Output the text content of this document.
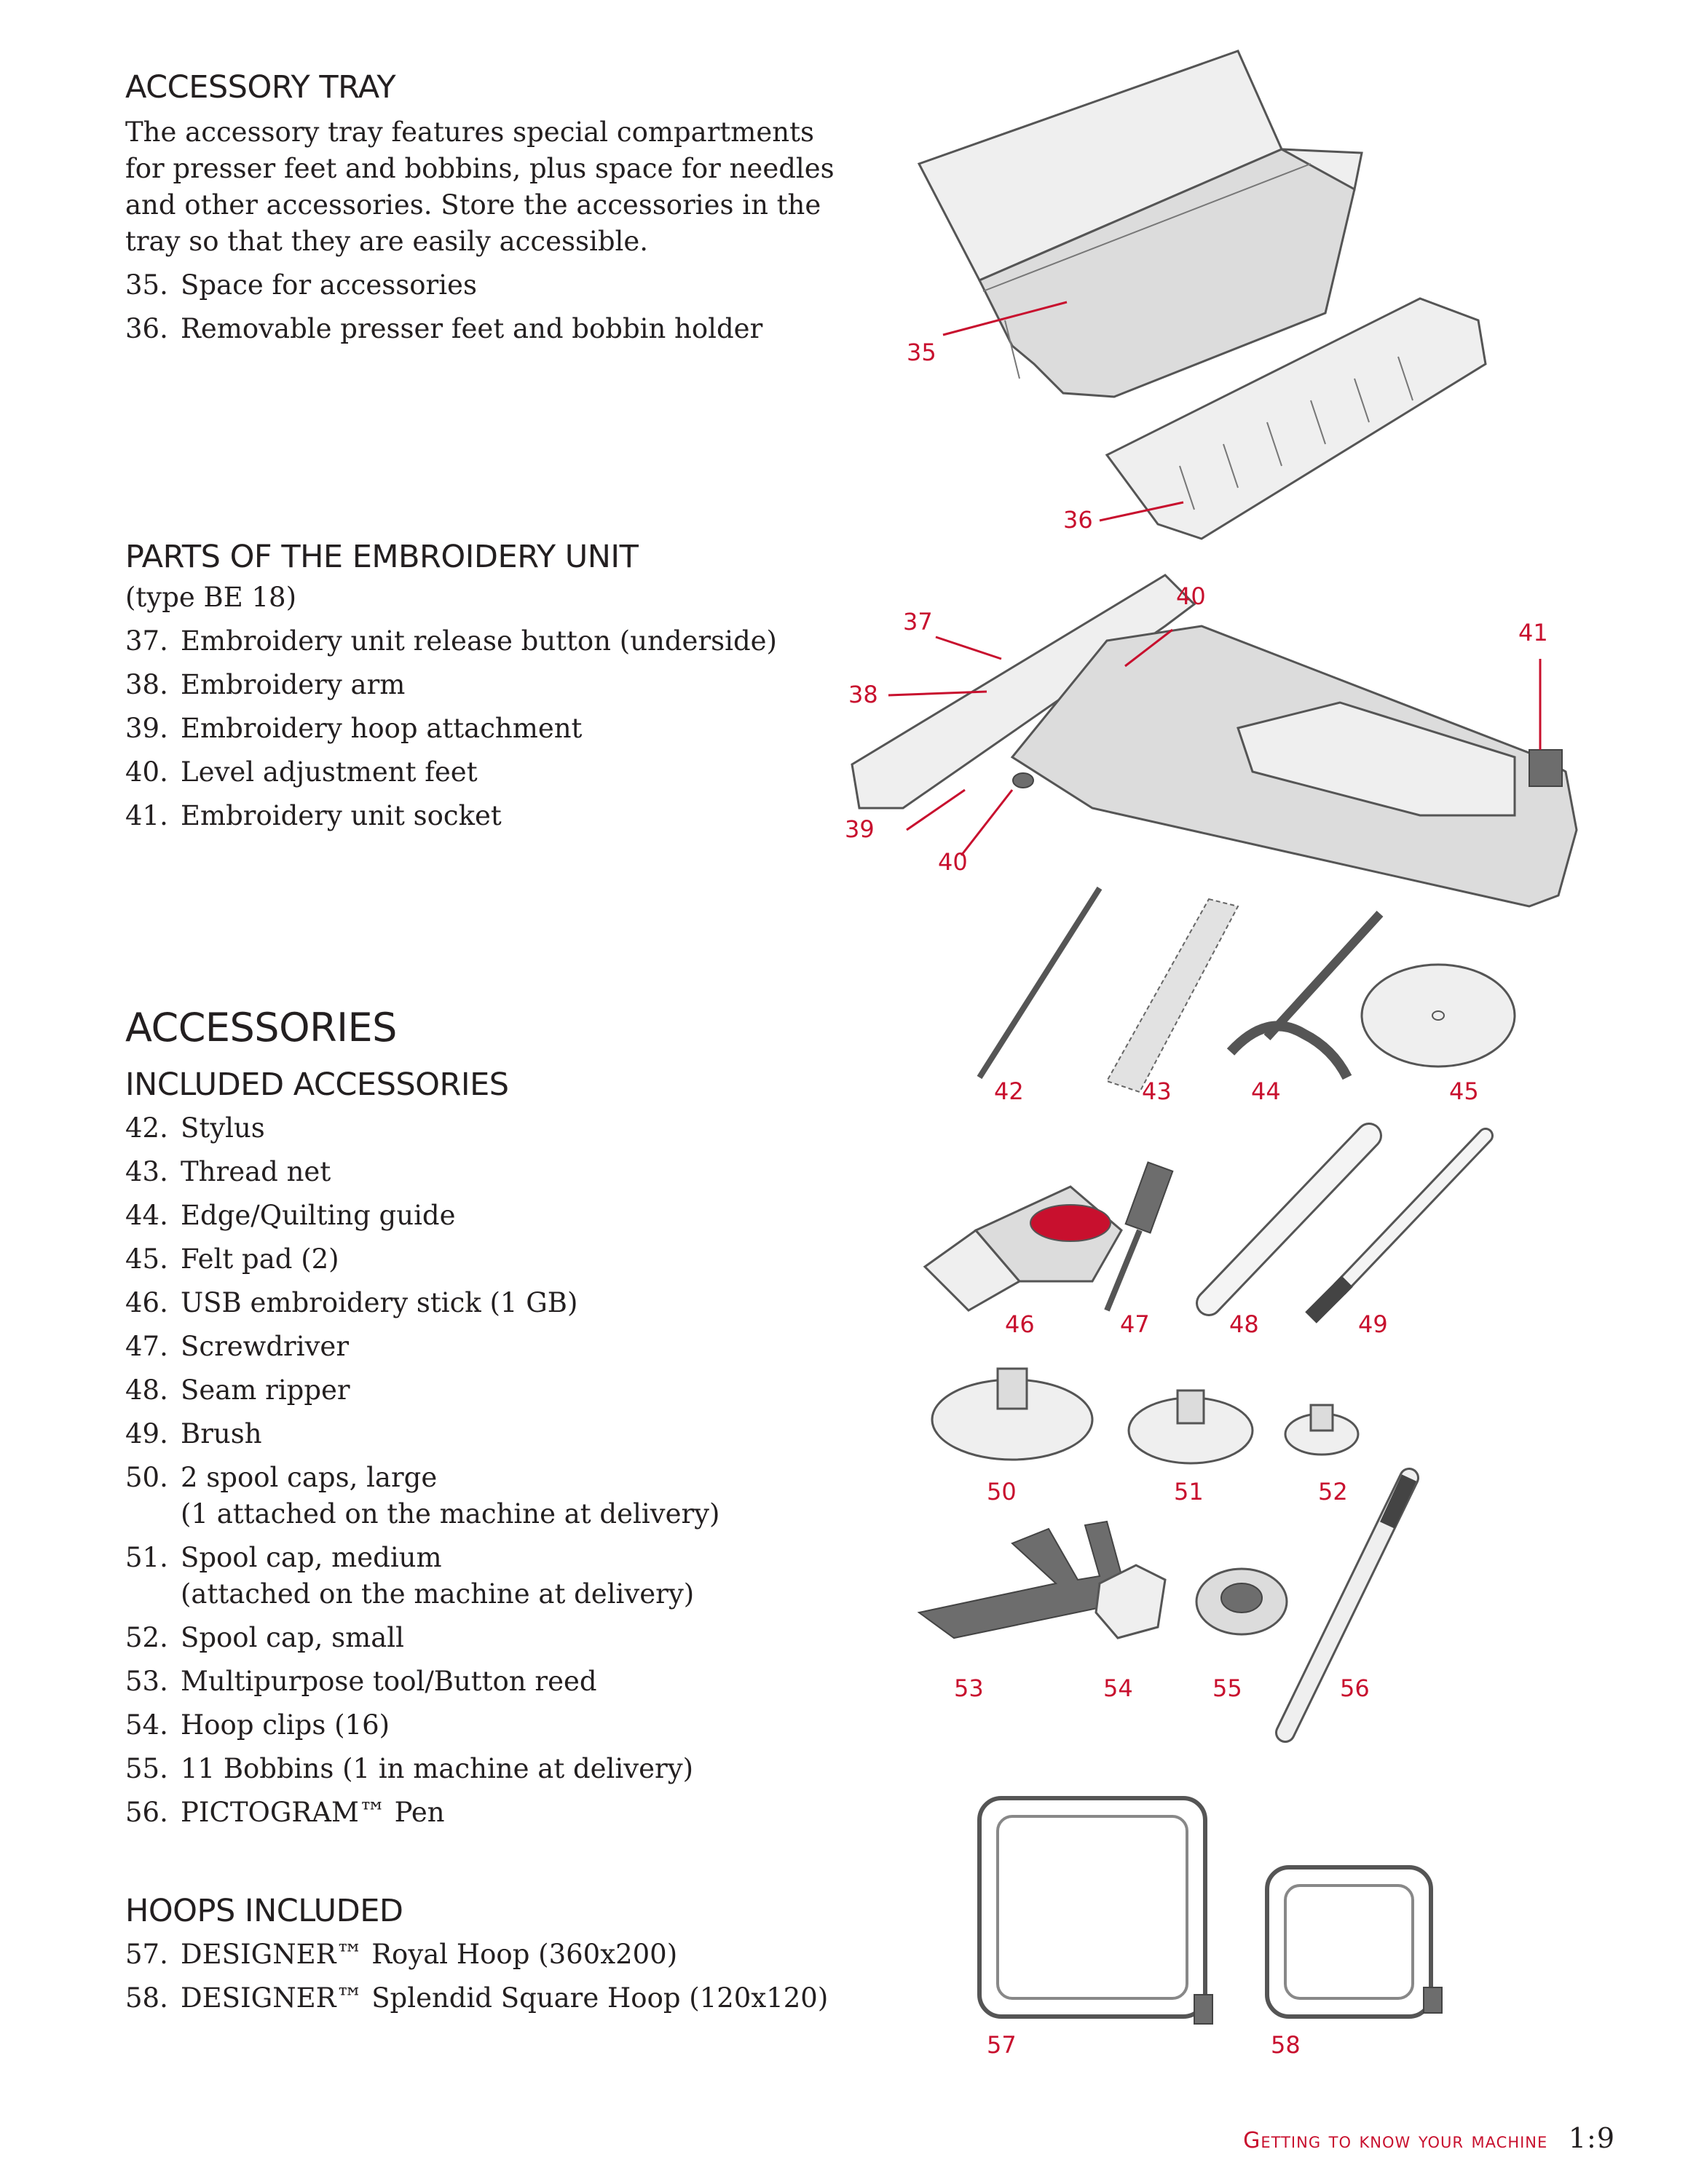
35
36
37
38
39
40
40
41
42	43	44	45
46	47	48	49
50	51	52
53	54	55	56
57	58
ACCESSORY TRAY

The accessory tray features special compartments for presser feet and bobbins, plus space for needles and other accessories. Store the accessories in the tray so that they are easily accessible.

35. Space for accessories
36. Removable presser feet and bobbin holder
PARTS OF THE EMBROIDERY UNIT
(type BE 18)
37. Embroidery unit release button (underside)
38. Embroidery arm
39. Embroidery hoop attachment
40. Level adjustment feet
41. Embroidery unit socket
ACCESSORIES
INCLUDED ACCESSORIES
42. Stylus
43. Thread net
44. Edge/Quilting guide
45. Felt pad (2)
46. USB embroidery stick (1 GB)
47. Screwdriver
48. Seam ripper
49. Brush
50. 2 spool caps, large
(1 attached on the machine at delivery)
51. Spool cap, medium
(attached on the machine at delivery)
52. Spool cap, small
53. Multipurpose tool/Button reed
54. Hoop clips (16)
55. 11 Bobbins (1 in machine at delivery)
56. PICTOGRAM™ Pen
HOOPS INCLUDED
57. DESIGNER™ Royal Hoop (360x200)
58. DESIGNER™ Splendid Square Hoop (120x120)
Getting to know your machine 1:9
